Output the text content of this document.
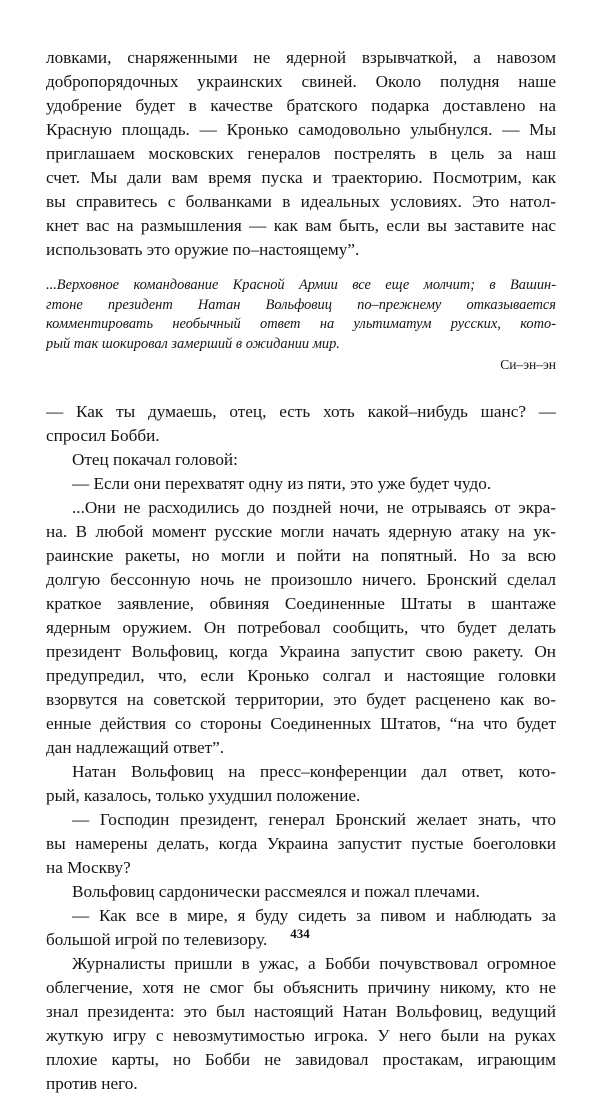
ловками, снаряженными не ядерной взрывчаткой, а навозом
добропорядочных украинских свиней. Около полудня наше
удобрение будет в качестве братского подарка доставлено на
Красную площадь. — Кронько самодовольно улыбнулся. — Мы
приглашаем московских генералов пострелять в цель за наш
счет. Мы дали вам время пуска и траекторию. Посмотрим, как
вы справитесь с болванками в идеальных условиях. Это натол-
кнет вас на размышления — как вам быть, если вы заставите нас
использовать это оружие по–настоящему”.
...Верховное командование Красной Армии все еще молчит; в Вашин-
гтоне президент Натан Вольфовиц по–прежнему отказывается
комментировать необычный ответ на ультиматум русских, кото-
рый так шокировал замерший в ожидании мир.
Си–эн–эн
— Как ты думаешь, отец, есть хоть какой–нибудь шанс? —
спросил Бобби.
Отец покачал головой:
— Если они перехватят одну из пяти, это уже будет чудо.
...Они не расходились до поздней ночи, не отрываясь от экра-
на. В любой момент русские могли начать ядерную атаку на ук-
раинские ракеты, но могли и пойти на попятный. Но за всю
долгую бессонную ночь не произошло ничего. Бронский сделал
краткое заявление, обвиняя Соединенные Штаты в шантаже
ядерным оружием. Он потребовал сообщить, что будет делать
президент Вольфовиц, когда Украина запустит свою ракету. Он
предупредил, что, если Кронько солгал и настоящие головки
взорвутся на советской территории, это будет расценено как во-
енные действия со стороны Соединенных Штатов, “на что будет
дан надлежащий ответ”.
Натан Вольфовиц на пресс–конференции дал ответ, кото-
рый, казалось, только ухудшил положение.
— Господин президент, генерал Бронский желает знать, что
вы намерены делать, когда Украина запустит пустые боеголовки
на Москву?
Вольфовиц сардонически рассмеялся и пожал плечами.
— Как все в мире, я буду сидеть за пивом и наблюдать за
большой игрой по телевизору.
Журналисты пришли в ужас, а Бобби почувствовал огромное
облегчение, хотя не смог бы объяснить причину никому, кто не
знал президента: это был настоящий Натан Вольфовиц, ведущий
жуткую игру с невозмутимостью игрока. У него были на руках
плохие карты, но Бобби не завидовал простакам, играющим
против него.
434
